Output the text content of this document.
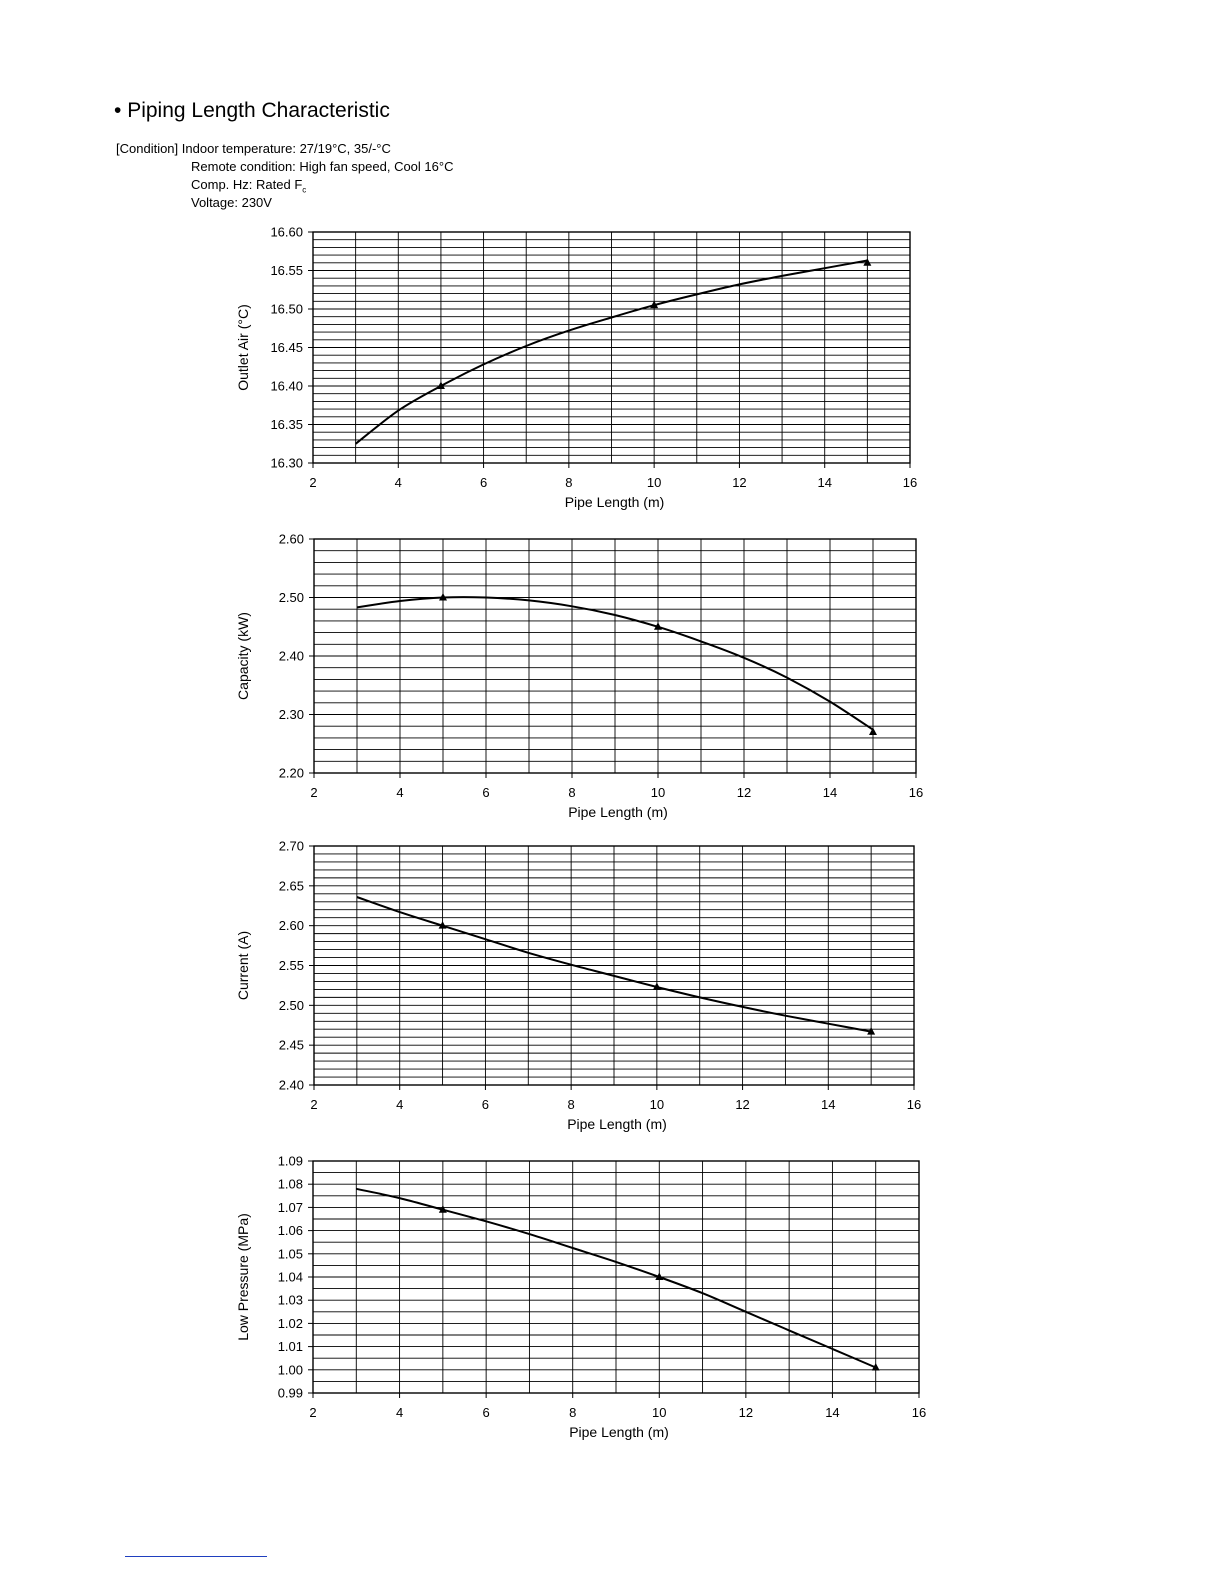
• Piping Length Characteristic
[Condition] Indoor temperature: 27/19°C, 35/-°C
Remote condition: High fan speed, Cool 16°C
Comp. Hz: Rated $F_c$
Voltage: 230V
16.30
16.35
16.40
16.45
16.50
16.55
16.60
2	4	6	8	10	12	14	16
Pipe Length (m)
Outlet Air (°C)
2.20
2.30
2.40
2.50
2.60
2	4	6	8	10	12	14	16
Pipe Length (m)
Capacity (kW)
2.40
2.45
2.50
2.55
2.60
2.65
2.70
2	4	6	8	10	12	14	16
Pipe Length (m)
Current (A)
0.99
1.00
1.01
1.02
1.03
1.04
1.05
1.06
1.07
1.08
1.09
2	4	6	8	10	12	14	16
Pipe Length (m)
Low Pressure (MPa)
